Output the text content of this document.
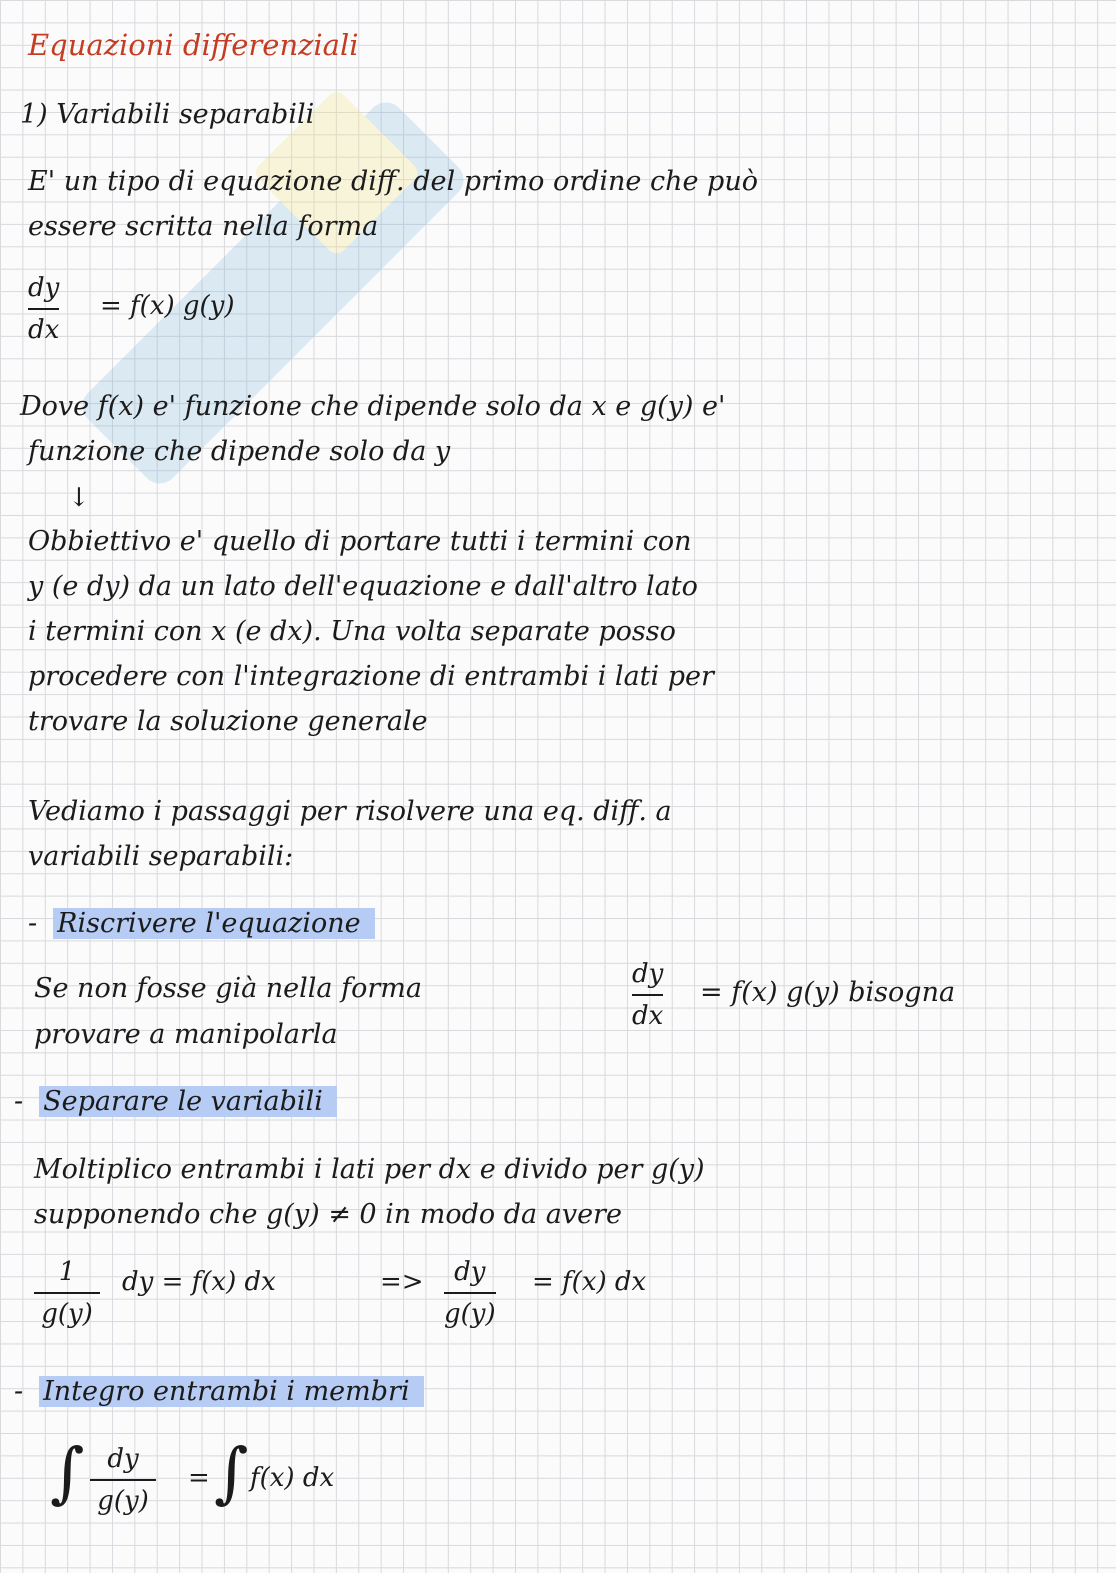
Equazioni differenziali
1) Variabili separabili
E' un tipo di equazione diff. del primo ordine che può
essere scritta nella forma
dy
dx
= f(x) g(y)
Dove f(x) e' funzione che dipende solo da x e g(y) e'
funzione che dipende solo da y
↓
Obbiettivo e' quello di portare tutti i termini con
y (e dy) da un lato dell'equazione e dall'altro lato
i termini con x (e dx). Una volta separate posso
procedere con l'integrazione di entrambi i lati per
trovare la soluzione generale
Vediamo i passaggi per risolvere una eq. diff. a
variabili separabili:
- Riscrivere l'equazione
Se non fosse già nella forma	dy
dx
= f(x) g(y) bisogna
provare a manipolarla
- Separare le variabili
Moltiplico entrambi i lati per dx e divido per g(y)
supponendo che g(y) ≠ 0 in modo da avere
1
g(y)
dy = f(x) dx	=> dy
g(y)
= f(x) dx
- Integro entrambi i membri
∫ dy
g(y)
= ∫ f(x) dx
